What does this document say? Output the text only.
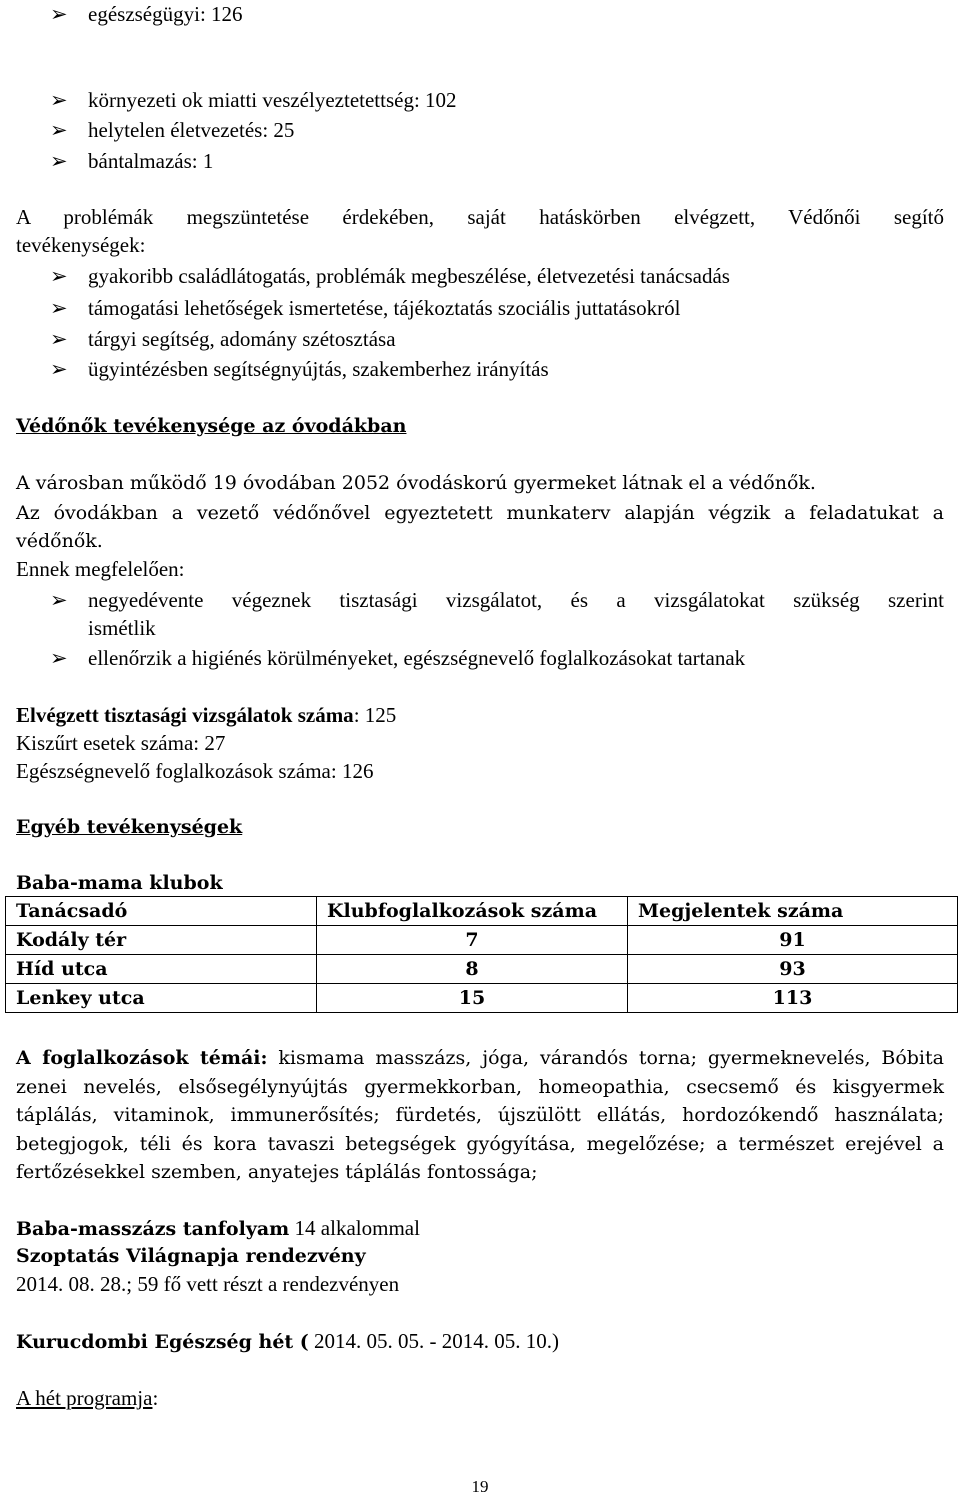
➢ egészségügyi: 126
➢ környezeti ok miatti veszélyeztetettség: 102
➢ helytelen életvezetés: 25
➢ bántalmazás: 1
A problémák megszüntetése érdekében, saját hatáskörben elvégzett, Védőnői segítő
tevékenységek:
➢ gyakoribb családlátogatás, problémák megbeszélése, életvezetési tanácsadás
➢ támogatási lehetőségek ismertetése, tájékoztatás szociális juttatásokról
➢ tárgyi segítség, adomány szétosztása
➢ ügyintézésben segítségnyújtás, szakemberhez irányítás
Védőnők tevékenysége az óvodákban
A városban működő 19 óvodában 2052 óvodáskorú gyermeket látnak el a védőnők.
Az óvodákban a vezető védőnővel egyeztetett munkaterv alapján végzik a feladatukat a
védőnők.
Ennek megfelelően:
➢ negyedévente végeznek tisztasági vizsgálatot, és a vizsgálatokat szükség szerint
ismétlik
➢ ellenőrzik a higiénés körülményeket, egészségnevelő foglalkozásokat tartanak
Elvégzett tisztasági vizsgálatok száma: 125
Kiszűrt esetek száma: 27
Egészségnevelő foglalkozások száma: 126
Egyéb tevékenységek
Baba-mama klubok
Tanácsadó	Klubfoglalkozások száma	Megjelentek száma
Kodály tér	7	91
Híd utca	8	93
Lenkey utca	15	113
A foglalkozások témái: kismama masszázs, jóga, várandós torna; gyermeknevelés, Bóbita
zenei nevelés, elsősegélynyújtás gyermekkorban, homeopathia, csecsemő és kisgyermek
táplálás, vitaminok, immunerősítés; fürdetés, újszülött ellátás, hordozókendő használata;
betegjogok, téli és kora tavaszi betegségek gyógyítása, megelőzése; a természet erejével a
fertőzésekkel szemben, anyatejes táplálás fontossága;
Baba-masszázs tanfolyam 14 alkalommal
Szoptatás Világnapja rendezvény
2014. 08. 28.; 59 fő vett részt a rendezvényen
Kurucdombi Egészség hét ( 2014. 05. 05. - 2014. 05. 10.)
A hét programja:
19
